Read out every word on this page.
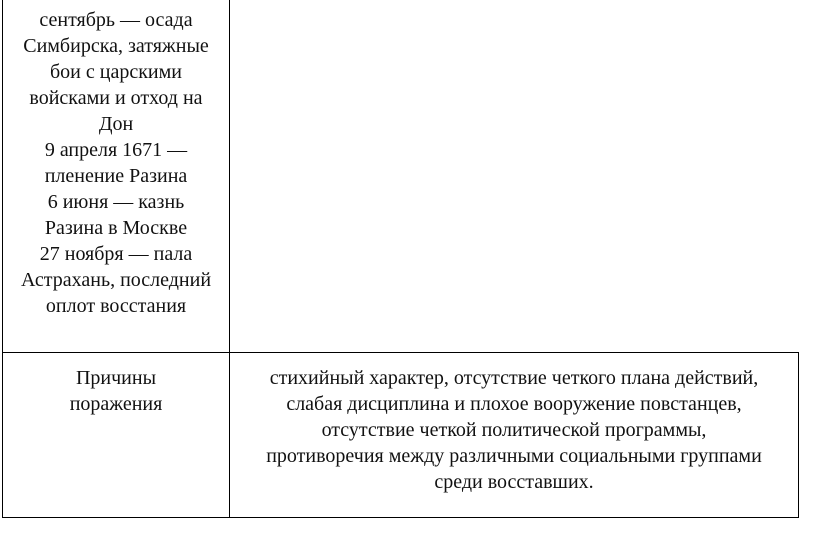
сентябрь — осада
Симбирска, затяжные
бои с царскими
войсками и отход на
Дон
9 апреля 1671 —
пленение Разина
6 июня — казнь
Разина в Москве
27 ноября — пала
Астрахань, последний
оплот восстания
Причины
поражения
стихийный характер, отсутствие четкого плана действий,
слабая дисциплина и плохое вооружение повстанцев,
отсутствие четкой политической программы,
противоречия между различными социальными группами
среди восставших.
